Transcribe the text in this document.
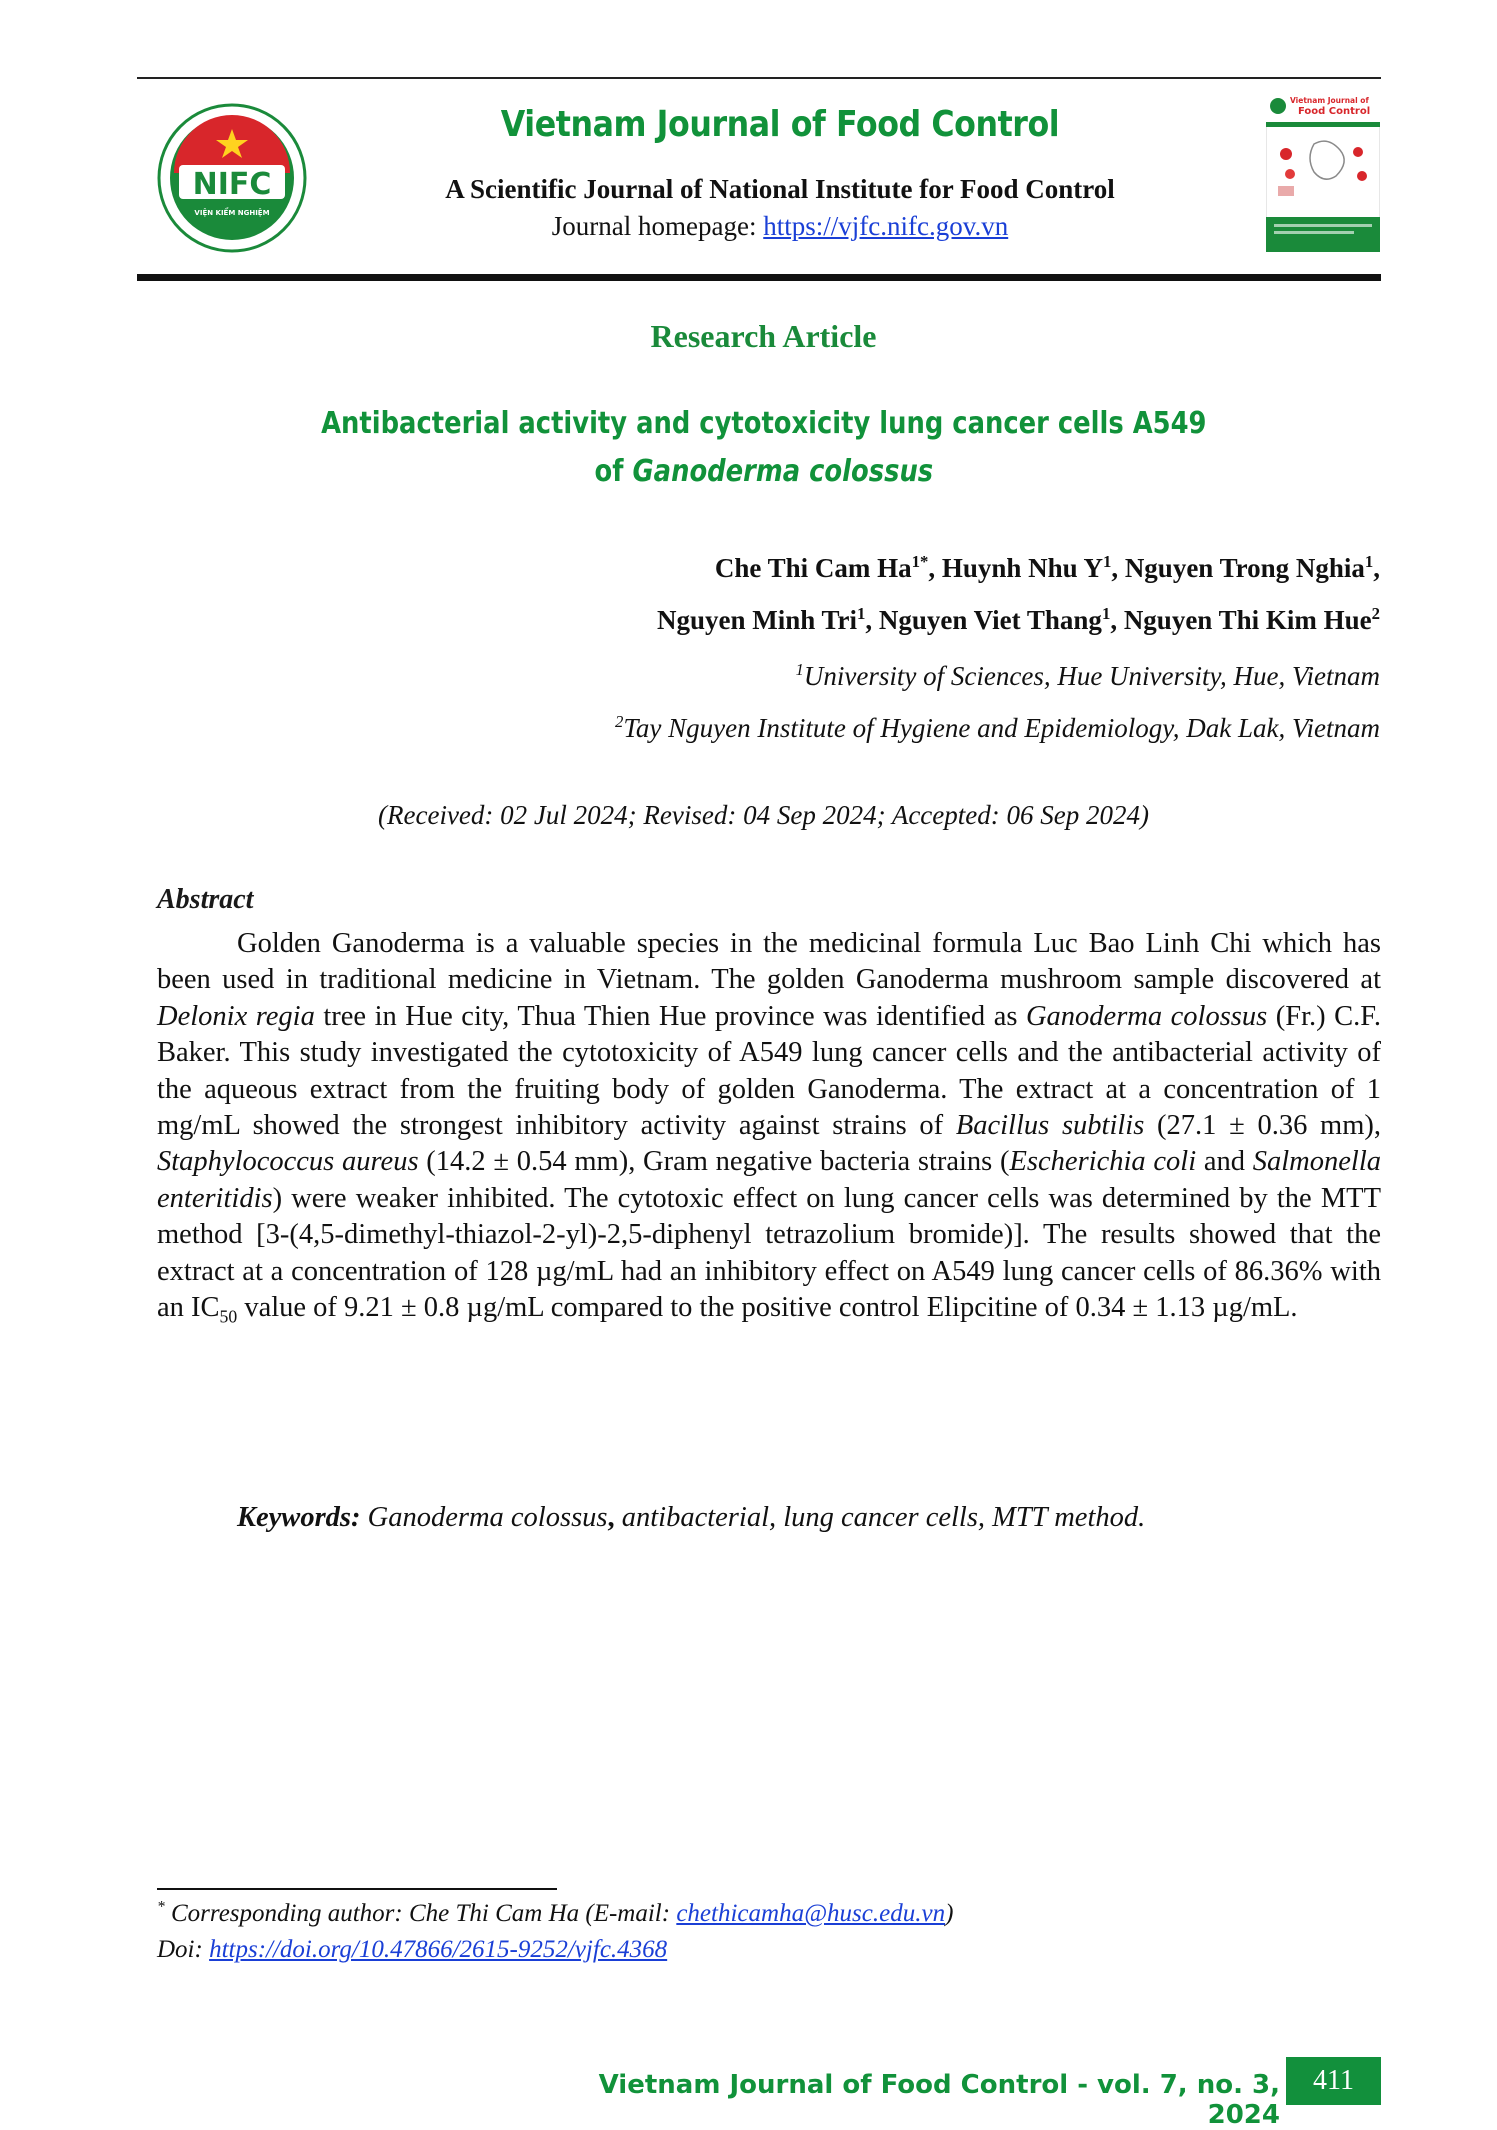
NIFC
VIỆN KIỂM NGHIỆM
Vietnam Journal of Food Control
A Scientific Journal of National Institute for Food Control
Journal homepage: https://vjfc.nifc.gov.vn
Vietnam Journal of
Food Control
Research Article
Antibacterial activity and cytotoxicity lung cancer cells A549
of Ganoderma colossus
Che Thi Cam $Ha^{1*}$, Huynh Nhu $Y^1$, Nguyen Trong Nghia$^1$,
Nguyen Minh Tri$^1$, Nguyen Viet Thang$^1$, Nguyen Thi Kim Hue$^2$
$^1$University of Sciences, Hue University, Hue, Vietnam
$^2$Tay Nguyen Institute of Hygiene and Epidemiology, Dak Lak, Vietnam
(Received: 02 Jul 2024; Revised: 04 Sep 2024; Accepted: 06 Sep 2024)
Abstract

Golden Ganoderma is a valuable species in the medicinal formula Luc Bao Linh Chi which has been used in traditional medicine in Vietnam. The golden Ganoderma mushroom sample discovered at Delonix regia tree in Hue city, Thua Thien Hue province was identified as Ganoderma colossus (Fr.) C.F. Baker. This study investigated the cytotoxicity of A549 lung cancer cells and the antibacterial activity of the aqueous extract from the fruiting body of golden Ganoderma. The extract at a concentration of 1 mg/mL showed the strongest inhibitory activity against strains of Bacillus subtilis (27.1 ± 0.36 mm), Staphylococcus aureus (14.2 ± 0.54 mm), Gram negative bacteria strains (Escherichia coli and Salmonella enteritidis) were weaker inhibited. The cytotoxic effect on lung cancer cells was determined by the MTT method [3-(4,5-dimethyl-thiazol-2-yl)-2,5-diphenyl tetrazolium bromide)]. The results showed that the extract at a concentration of 128 µg/mL had an inhibitory effect on A549 lung cancer cells of 86.36% with an $IC_{50}$ value of 9.21 ± 0.8 µg/mL compared to the positive control Elipcitine of 0.34 ± 1.13 µg/mL.

Keywords: Ganoderma colossus, antibacterial, lung cancer cells, MTT method.
* Corresponding author: Che Thi Cam Ha (E-mail: chethicamha@husc.edu.vn)
Doi: https://doi.org/10.47866/2615-9252/vjfc.4368
Vietnam Journal of Food Control - vol. 7, no. 3, 2024
411
